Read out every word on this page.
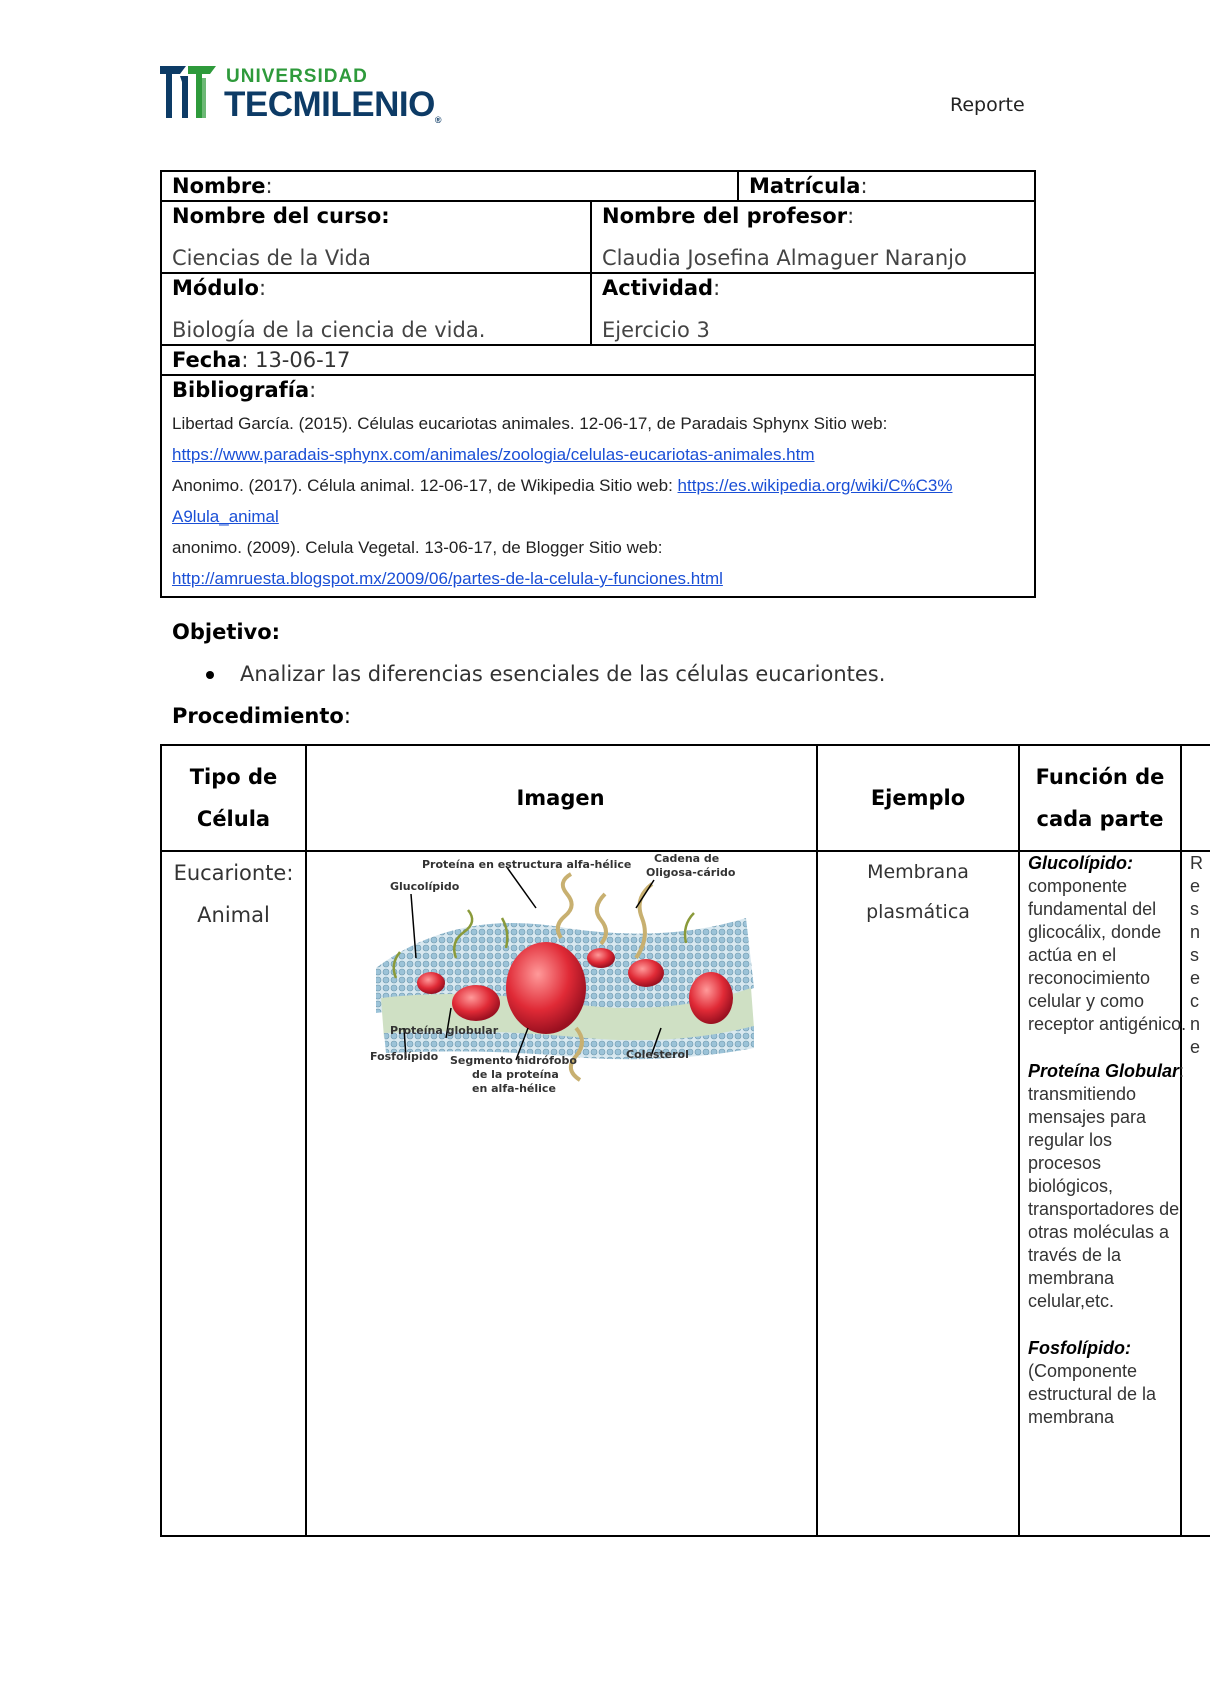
UNIVERSIDAD
TECMILENIO®
Reporte
Nombre:	Matrícula:
Nombre del curso:
Ciencias de la Vida
Nombre del profesor:
Claudia Josefina Almaguer Naranjo
Módulo:
Biología de la ciencia de vida.
Actividad:
Ejercicio 3
Fecha: 13-06-17
Bibliografía:
Libertad García. (2015). Células eucariotas animales. 12-06-17, de Paradais Sphynx Sitio web:
https://www.paradais-sphynx.com/animales/zoologia/celulas-eucariotas-animales.htm
Anonimo. (2017). Célula animal. 12-06-17, de Wikipedia Sitio web: https://es.wikipedia.org/wiki/C%C3%A9lula_animal
anonimo. (2009). Celula Vegetal. 13-06-17, de Blogger Sitio web:
http://amruesta.blogspot.mx/2009/06/partes-de-la-celula-y-funciones.html
Objetivo:
Analizar las diferencias esenciales de las células eucariontes.
Procedimiento:
Tipo de Célula
Imagen	Ejemplo
Función de cada parte
Eucarionte: Animal
Membrana plasmática

Glucolípido:
componente fundamental del glicocálix, donde actúa en el reconocimiento celular y como receptor antigénico.

Proteína Globular:
transmitiendo mensajes para regular los procesos biológicos, transportadores de otras moléculas a través de la membrana celular,etc.

Fosfolípido:
(Componente estructural de la membrana

R
e
s
n
s
e
c
n
e
Proteína en estructura alfa-hélice Cadena de
Oligosa-cárido
Glucolípido
Proteína globular
Fosfolípido Segmento hidrófobo
de la proteína
en alfa-hélice
Colesterol
